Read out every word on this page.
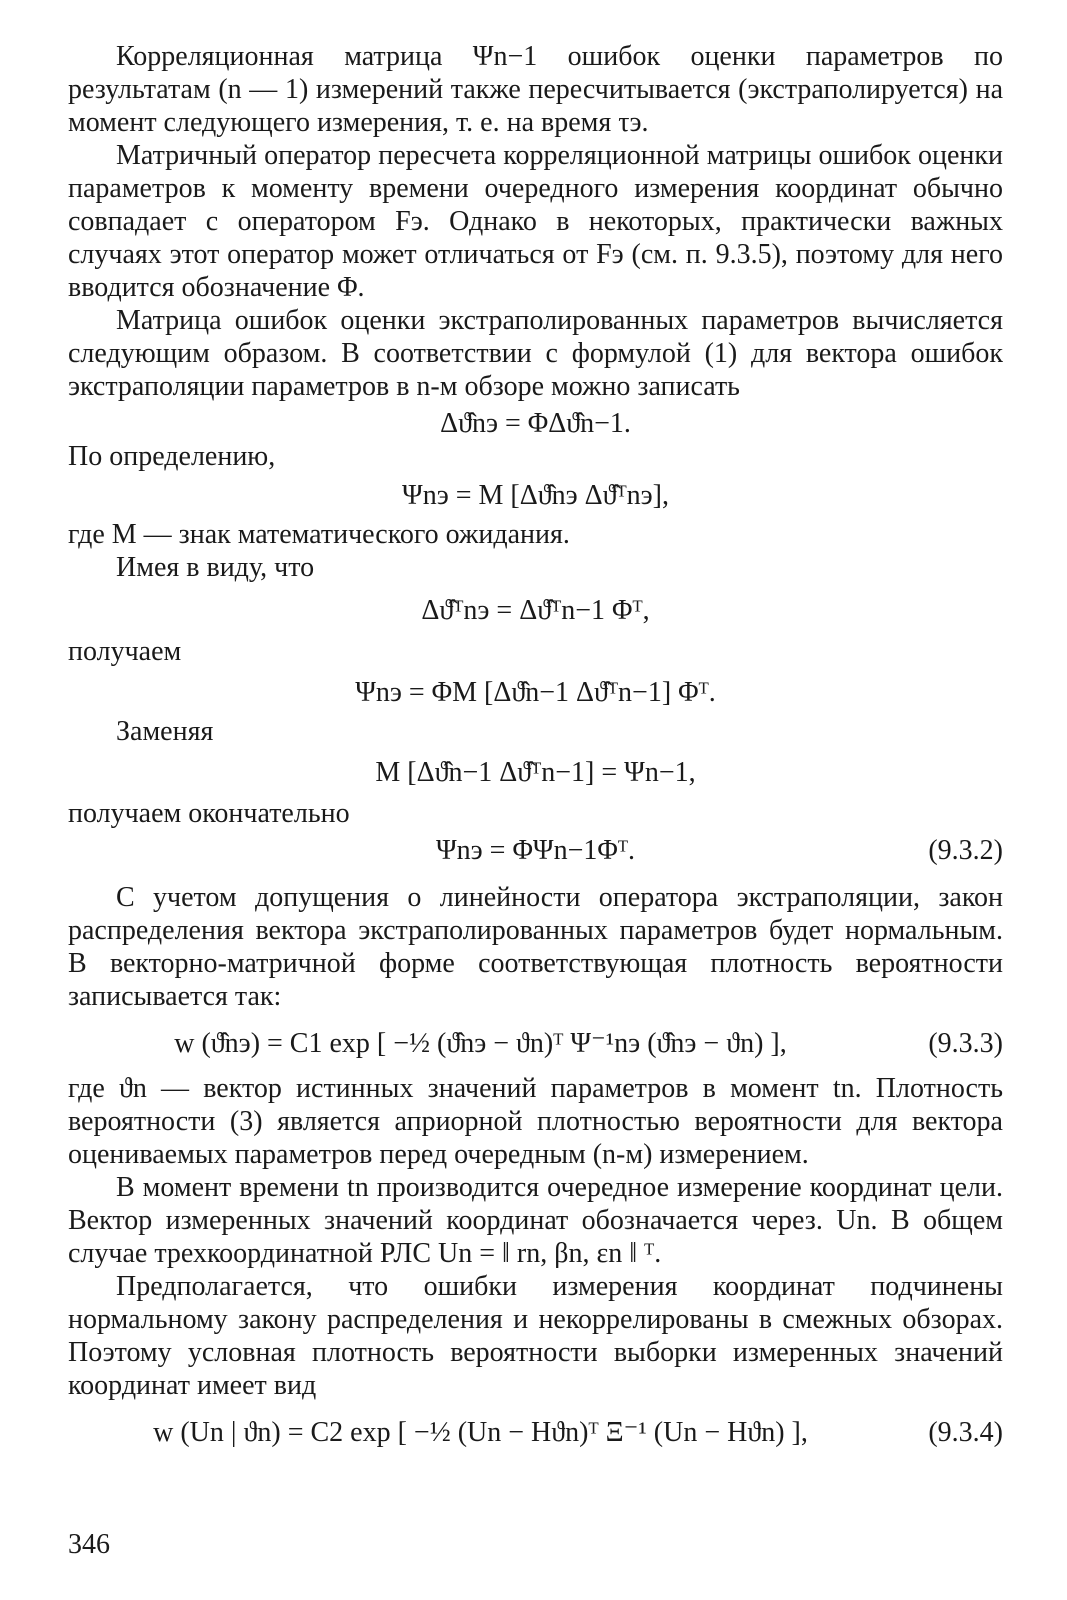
Корреляционная матрица Ψn−1 ошибок оценки параметров по результатам (n — 1) измерений также пересчитывается (экстраполируется) на момент следующего измерения, т. е. на время τэ.

Матричный оператор пересчета корреляционной матрицы ошибок оценки параметров к моменту времени очередного измерения координат обычно совпадает с оператором Fэ. Однако в некоторых, практически важных случаях этот оператор может отличаться от Fэ (см. п. 9.3.5), поэтому для него вводится обозначение Φ.

Матрица ошибок оценки экстраполированных параметров вычисляется следующим образом. В соответствии с формулой (1) для вектора ошибок экстраполяции параметров в n-м обзоре можно записать

Δϑ̂nэ = ΦΔϑ̂n−1.

По определению,

Ψnэ = M [Δϑ̂nэ Δϑ̂ᵀnэ],

где M — знак математического ожидания.

Имея в виду, что

Δϑ̂ᵀnэ = Δϑ̂ᵀn−1 Φᵀ,

получаем

Ψnэ = ΦM [Δϑ̂n−1 Δϑ̂ᵀn−1] Φᵀ.

Заменяя

M [Δϑ̂n−1 Δϑ̂ᵀn−1] = Ψn−1,

получаем окончательно

Ψnэ = ΦΨn−1Φᵀ.	(9.3.2)

С учетом допущения о линейности оператора экстраполяции, закон распределения вектора экстраполированных параметров будет нормальным. В векторно-матричной форме соответствующая плотность вероятности записывается так:

w (ϑ̂nэ) = C1 exp [ −½ (ϑ̂nэ − ϑn)ᵀ Ψ⁻¹nэ (ϑ̂nэ − ϑn) ],	(9.3.3)

где ϑn — вектор истинных значений параметров в момент tn. Плотность вероятности (3) является априорной плотностью вероятности для вектора оцениваемых параметров перед очередным (n-м) измерением.

В момент времени tn производится очередное измерение координат цели. Вектор измеренных значений координат обозначается через. Un. В общем случае трехкоординатной РЛС Un = ‖ rn, βn, εn ‖ ᵀ.

Предполагается, что ошибки измерения координат подчинены нормальному закону распределения и некоррелированы в смежных обзорах. Поэтому условная плотность вероятности выборки измеренных значений координат имеет вид

w (Un | ϑn) = C2 exp [ −½ (Un − Hϑn)ᵀ Ξ⁻¹ (Un − Hϑn) ],	(9.3.4)
346
